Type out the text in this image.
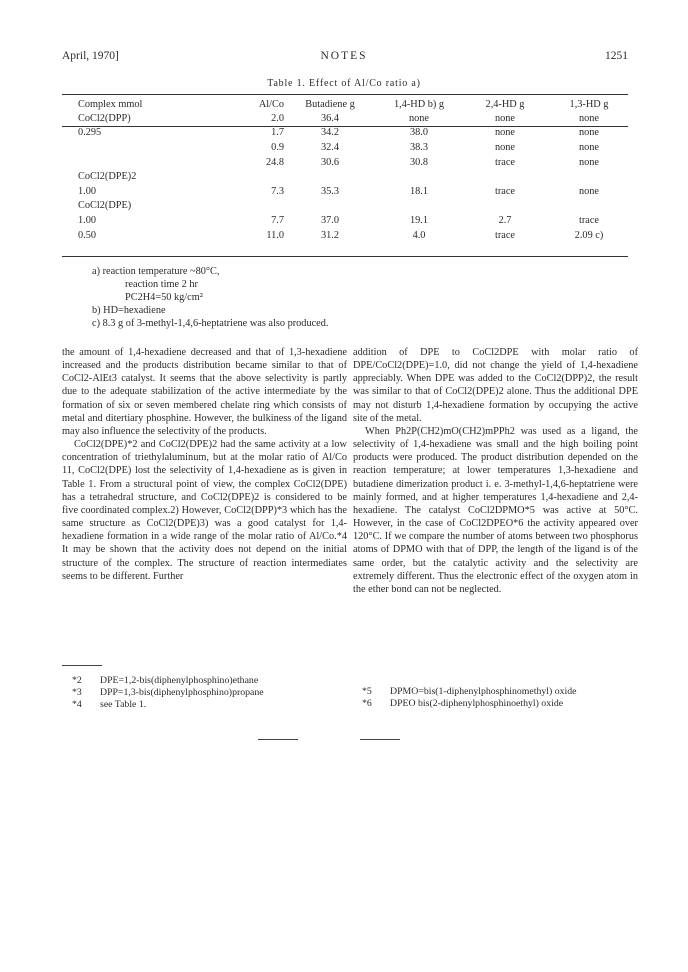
April, 1970]	NOTES	1251
Table 1. Effect of Al/Co ratio a)
Complex mmol	Al/Co	Butadiene g	1,4-HD b) g	2,4-HD g	1,3-HD g

CoCl2(DPP)	2.0	36.4	none	none	none
0.295	1.7	34.2	38.0	none	none
	0.9	32.4	38.3	none	none
	24.8	30.6	30.8	trace	none
CoCl2(DPE)2					
1.00	7.3	35.3	18.1	trace	none
CoCl2(DPE)					
1.00	7.7	37.0	19.1	2.7	trace
0.50	11.0	31.2	4.0	trace	2.09 c)
a) reaction temperature ~80°C,
reaction time 2 hr
PC2H4=50 kg/cm²
b) HD=hexadiene
c) 8.3 g of 3-methyl-1,4,6-heptatriene was also produced.

the amount of 1,4-hexadiene decreased and that of 1,3-hexadiene increased and the products distribution became similar to that of CoCl2-AlEt3 catalyst. It seems that the above selectivity is partly due to the adequate stabilization of the active intermediate by the formation of six or seven membered chelate ring which consists of metal and ditertiary phosphine. However, the bulkiness of the ligand may also influence the selectivity of the products.

CoCl2(DPE)*2 and CoCl2(DPE)2 had the same activity at a low concentration of triethylaluminum, but at the molar ratio of Al/Co 11, CoCl2(DPE) lost the selectivity of 1,4-hexadiene as is given in Table 1. From a structural point of view, the complex CoCl2(DPE) has a tetrahedral structure, and CoCl2(DPE)2 is considered to be five coordinated complex.2) However, CoCl2(DPP)*3 which has the same structure as CoCl2(DPE)3) was a good catalyst for 1,4-hexadiene formation in a wide range of the molar ratio of Al/Co.*4 It may be shown that the activity does not depend on the initial structure of the complex. The structure of reaction intermediates seems to be different. Further

addition of DPE to CoCl2DPE with molar ratio of DPE/CoCl2(DPE)=1.0, did not change the yield of 1,4-hexadiene appreciably. When DPE was added to the CoCl2(DPP)2, the result was similar to that of CoCl2(DPE)2 alone. Thus the additional DPE may not disturb 1,4-hexadiene formation by occupying the active site of the metal.

When Ph2P(CH2)mO(CH2)mPPh2 was used as a ligand, the selectivity of 1,4-hexadiene was small and the high boiling point products were produced. The product distribution depended on the reaction temperature; at lower temperatures 1,3-hexadiene and butadiene dimerization product i. e. 3-methyl-1,4,6-heptatriene were mainly formed, and at higher temperatures 1,4-hexadiene and 2,4-hexadiene. The catalyst CoCl2DPMO*5 was active at 50°C. However, in the case of CoCl2DPEO*6 the activity appeared over 120°C. If we compare the number of atoms between two phosphorus atoms of DPMO with that of DPP, the length of the ligand is of the same order, but the catalytic activity and the selectivity are extremely different. Thus the electronic effect of the oxygen atom in the ether bond can not be neglected.

*2 DPE=1,2-bis(diphenylphosphino)ethane
*3 DPP=1,3-bis(diphenylphosphino)propane
*4 see Table 1.
*5 DPMO=bis(1-diphenylphosphinomethyl) oxide
*6 DPEO bis(2-diphenylphosphinoethyl) oxide
